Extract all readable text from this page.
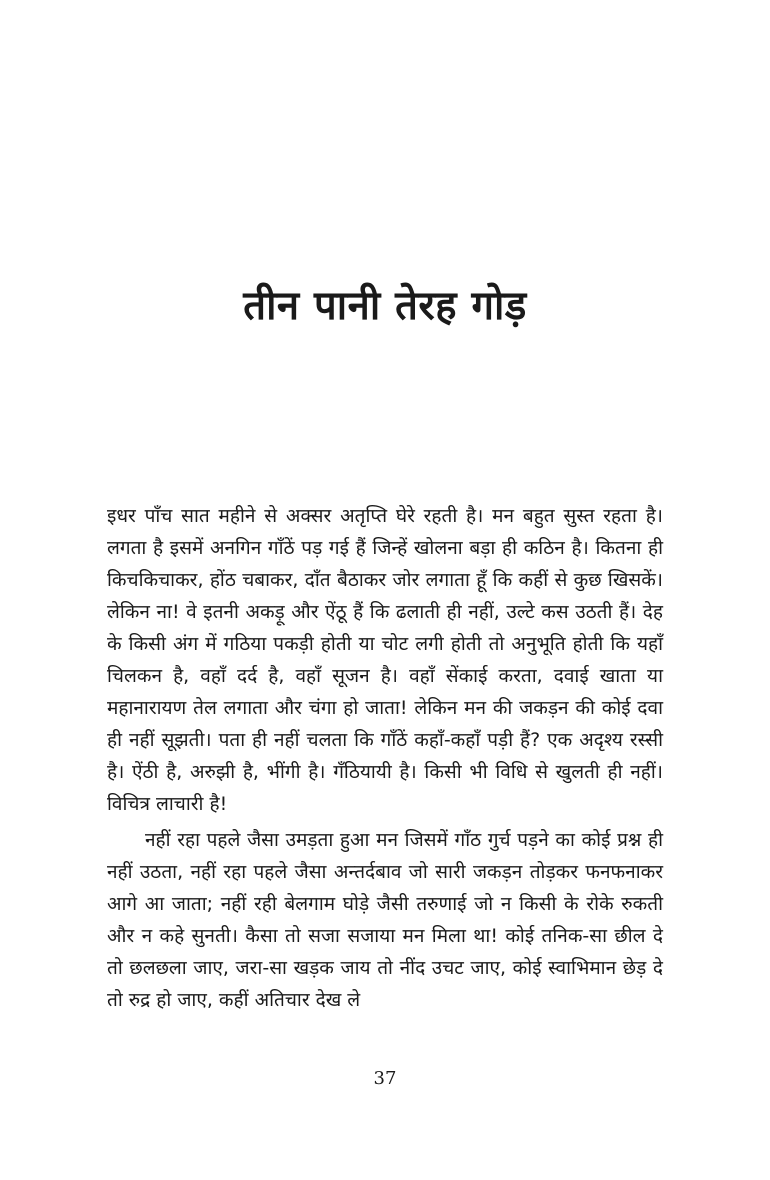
तीन पानी तेरह गोड़

इधर पाँच सात महीने से अक्सर अतृप्ति घेरे रहती है। मन बहुत सुस्त रहता है। लगता है इसमें अनगिन गाँठें पड़ गई हैं जिन्हें खोलना बड़ा ही कठिन है। कितना ही किचकिचाकर, होंठ चबाकर, दाँत बैठाकर जोर लगाता हूँ कि कहीं से कुछ खिसकें। लेकिन ना! वे इतनी अकड़ू और ऐंठू हैं कि ढलाती ही नहीं, उल्टे कस उठती हैं। देह के किसी अंग में गठिया पकड़ी होती या चोट लगी होती तो अनुभूति होती कि यहाँ चिलकन है, वहाँ दर्द है, वहाँ सूजन है। वहाँ सेंकाई करता, दवाई खाता या महानारायण तेल लगाता और चंगा हो जाता! लेकिन मन की जकड़न की कोई दवा ही नहीं सूझती। पता ही नहीं चलता कि गाँठें कहाँ-कहाँ पड़ी हैं? एक अदृश्य रस्सी है। ऐंठी है, अरुझी है, भींगी है। गँठियायी है। किसी भी विधि से खुलती ही नहीं। विचित्र लाचारी है!

नहीं रहा पहले जैसा उमड़ता हुआ मन जिसमें गाँठ गुर्च पड़ने का कोई प्रश्न ही नहीं उठता, नहीं रहा पहले जैसा अन्तर्दबाव जो सारी जकड़न तोड़कर फनफनाकर आगे आ जाता; नहीं रही बेलगाम घोड़े जैसी तरुणाई जो न किसी के रोके रुकती और न कहे सुनती। कैसा तो सजा सजाया मन मिला था! कोई तनिक-सा छील दे तो छलछला जाए, जरा-सा खड़क जाय तो नींद उचट जाए, कोई स्वाभिमान छेड़ दे तो रुद्र हो जाए, कहीं अतिचार देख ले

37
